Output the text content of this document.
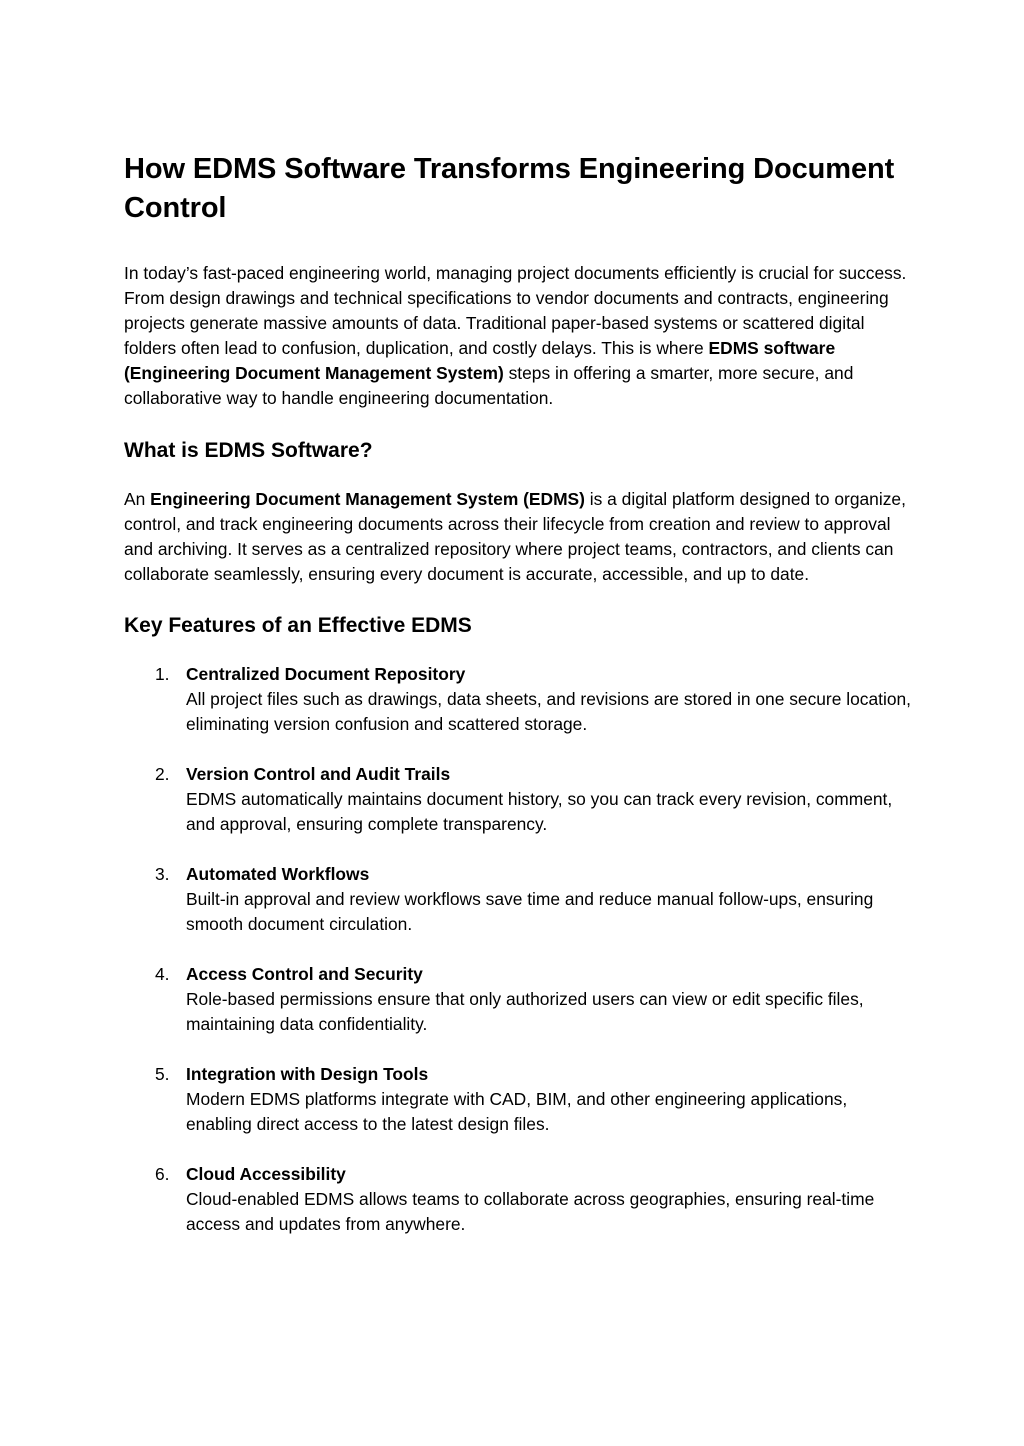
How EDMS Software Transforms Engineering Document Control

In today’s fast-paced engineering world, managing project documents efficiently is crucial for success. From design drawings and technical specifications to vendor documents and contracts, engineering projects generate massive amounts of data. Traditional paper-based systems or scattered digital folders often lead to confusion, duplication, and costly delays. This is where EDMS software (Engineering Document Management System) steps in offering a smarter, more secure, and collaborative way to handle engineering documentation.

What is EDMS Software?

An Engineering Document Management System (EDMS) is a digital platform designed to organize, control, and track engineering documents across their lifecycle from creation and review to approval and archiving. It serves as a centralized repository where project teams, contractors, and clients can collaborate seamlessly, ensuring every document is accurate, accessible, and up to date.

Key Features of an Effective EDMS
1. Centralized Document Repository
All project files such as drawings, data sheets, and revisions are stored in one secure location, eliminating version confusion and scattered storage.
2. Version Control and Audit Trails
EDMS automatically maintains document history, so you can track every revision, comment, and approval, ensuring complete transparency.
3. Automated Workflows
Built-in approval and review workflows save time and reduce manual follow-ups, ensuring smooth document circulation.
4. Access Control and Security
Role-based permissions ensure that only authorized users can view or edit specific files, maintaining data confidentiality.
5. Integration with Design Tools
Modern EDMS platforms integrate with CAD, BIM, and other engineering applications, enabling direct access to the latest design files.
6. Cloud Accessibility
Cloud-enabled EDMS allows teams to collaborate across geographies, ensuring real-time access and updates from anywhere.
